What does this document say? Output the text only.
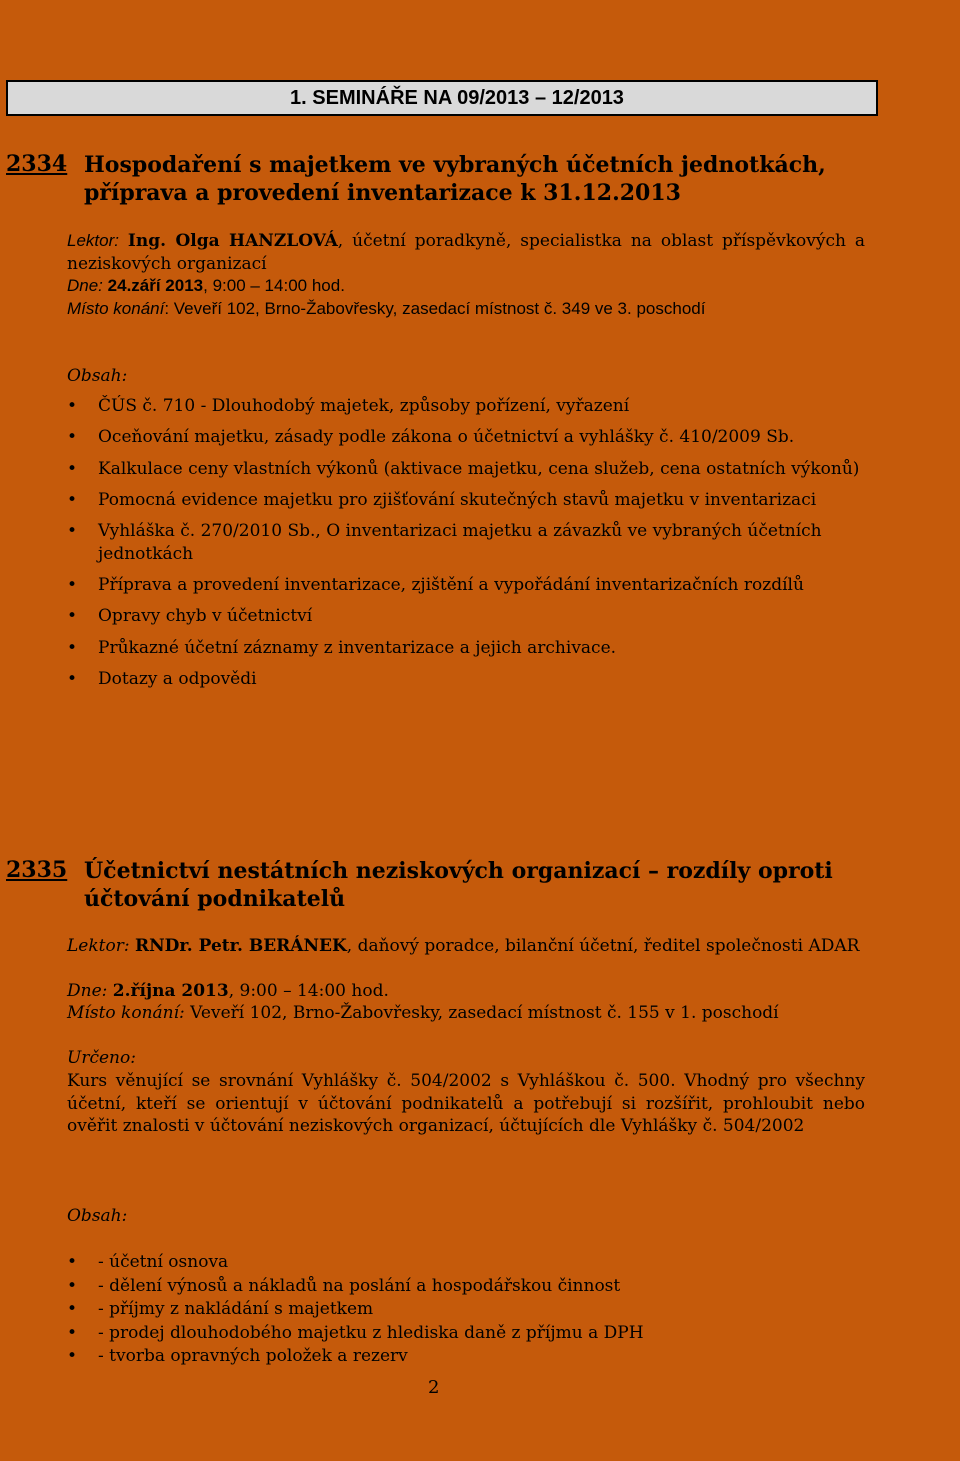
1. SEMINÁŘE NA 09/2013 – 12/2013
2334 Hospodaření s majetkem ve vybraných účetních jednotkách,
příprava a provedení inventarizace k 31.12.2013
Lektor: Ing. Olga HANZLOVÁ, účetní poradkyně, specialistka na oblast příspěvkových a neziskových organizací
Dne: 24.září 2013, 9:00 – 14:00 hod.
Místo konání: Veveří 102, Brno-Žabovřesky, zasedací místnost č. 349 ve 3. poschodí
Obsah:
• ČÚS č. 710 - Dlouhodobý majetek, způsoby pořízení, vyřazení
• Oceňování majetku, zásady podle zákona o účetnictví a vyhlášky č. 410/2009 Sb.
• Kalkulace ceny vlastních výkonů (aktivace majetku, cena služeb, cena ostatních výkonů)
• Pomocná evidence majetku pro zjišťování skutečných stavů majetku v inventarizaci
• Vyhláška č. 270/2010 Sb., O inventarizaci majetku a závazků ve vybraných účetních jednotkách
• Příprava a provedení inventarizace, zjištění a vypořádání inventarizačních rozdílů
• Opravy chyb v účetnictví
• Průkazné účetní záznamy z inventarizace a jejich archivace.
• Dotazy a odpovědi
2335 Účetnictví nestátních neziskových organizací – rozdíly oproti
účtování podnikatelů
Lektor: RNDr. Petr. BERÁNEK, daňový poradce, bilanční účetní, ředitel společnosti ADAR
Dne: 2.října 2013, 9:00 – 14:00 hod.
Místo konání: Veveří 102, Brno-Žabovřesky, zasedací místnost č. 155 v 1. poschodí
Určeno:
Kurs věnující se srovnání Vyhlášky č. 504/2002 s Vyhláškou č. 500. Vhodný pro všechny účetní, kteří se orientují v účtování podnikatelů a potřebují si rozšířit, prohloubit nebo ověřit znalosti v účtování neziskových organizací, účtujících dle Vyhlášky č. 504/2002
Obsah:
• - účetní osnova
• - dělení výnosů a nákladů na poslání a hospodářskou činnost
• - příjmy z nakládání s majetkem
• - prodej dlouhodobého majetku z hlediska daně z příjmu a DPH
• - tvorba opravných položek a rezerv
2
